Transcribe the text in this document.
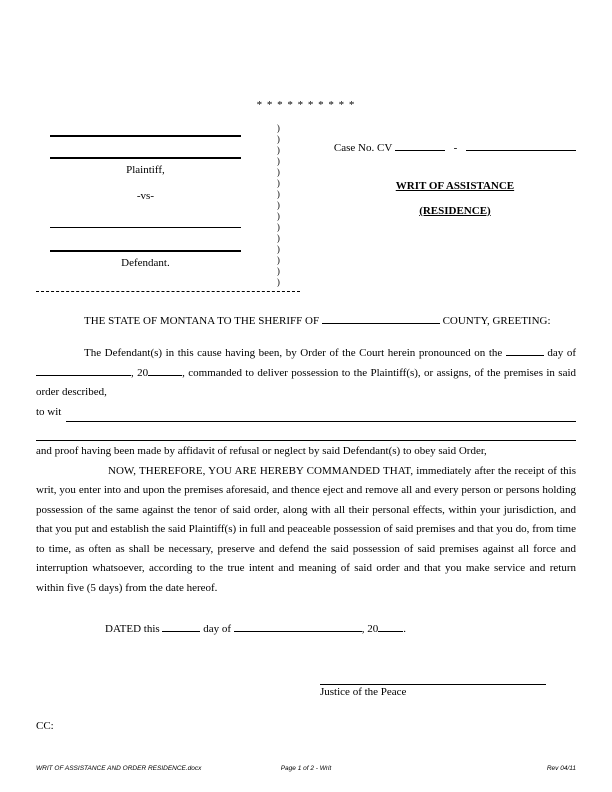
* * * * * * * * * *
Plaintiff,
-vs-
Defendant.
)
)
)
)
)
)
)
)
)
)
)
)
)
)
)
Case No. CV	-
WRIT OF ASSISTANCE
(RESIDENCE)
THE STATE OF MONTANA TO THE SHERIFF OF	COUNTY, GREETING:

The Defendant(s) in this cause having been, by Order of the Court herein pronounced on the	day of , 20	, commanded to deliver possession to the Plaintiff(s), or assigns, of the premises in said order described,

to wit
and proof having been made by affidavit of refusal or neglect by said Defendant(s) to obey said Order,

NOW, THEREFORE, YOU ARE HEREBY COMMANDED THAT, immediately after the receipt of this writ, you enter into and upon the premises aforesaid, and thence eject and remove all and every person or persons holding possession of the same against the tenor of said order, along with all their personal effects, within your jurisdiction, and that you put and establish the said Plaintiff(s) in full and peaceable possession of said premises and that you do, from time to time, as often as shall be necessary, preserve and defend the said possession of said premises against all force and interruption whatsoever, according to the true intent and meaning of said order and that you make service and return within five (5 days) from the date hereof.

DATED this	day of	, 20 .
Justice of the Peace
CC:
WRIT OF ASSISTANCE AND ORDER RESIDENCE.docx	Page 1 of 2 - Writ	Rev 04/11
